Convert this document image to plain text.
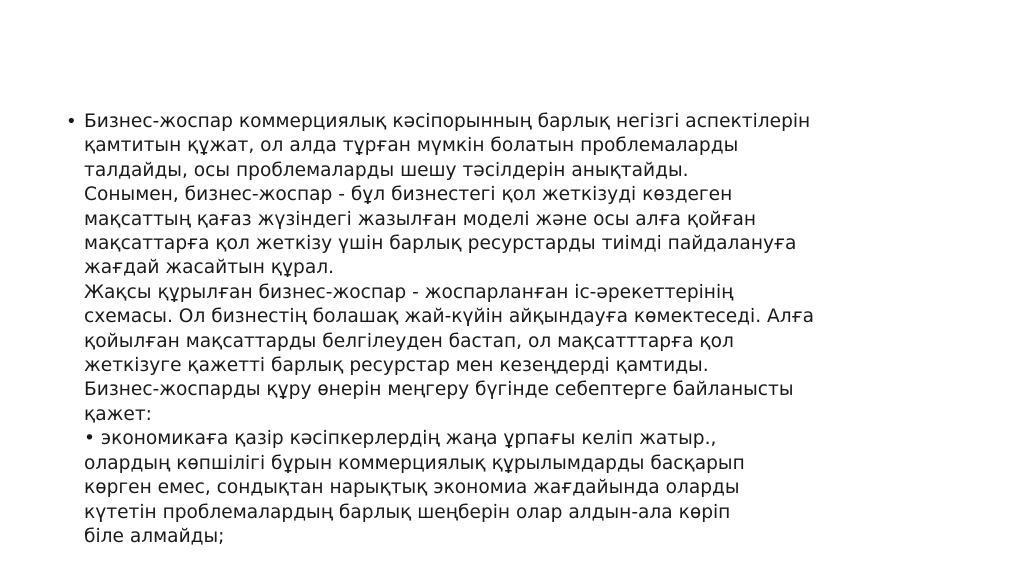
• Бизнес-жоспар коммерциялық кәсіпорынның барлық негізгі аспектілерін
қамтитын құжат, ол алда тұрған мүмкін болатын проблемаларды
талдайды, осы проблемаларды шешу тәсілдерін анықтайды.
Сонымен, бизнес-жоспар - бұл бизнестегі қол жеткізуді көздеген
мақсаттың қағаз жүзіндегі жазылған моделі және осы алға қойған
мақсаттарға қол жеткізу үшін барлық ресурстарды тиімді пайдалануға
жағдай жасайтын құрал.
Жақсы құрылған бизнес-жоспар - жоспарланған іс-әрекеттерінің
схемасы. Ол бизнестің болашақ жай-күйін айқындауға көмектеседі. Алға
қойылған мақсаттарды белгілеуден бастап, ол мақсатттарға қол
жеткізуге қажетті барлық ресурстар мен кезеңдерді қамтиды.
Бизнес-жоспарды құру өнерін меңгеру бүгінде себептерге байланысты
қажет:
• экономикаға қазір кәсіпкерлердің жаңа ұрпағы келіп жатыр.,
олардың көпшілігі бұрын коммерциялық құрылымдарды басқарып
көрген емес, сондықтан нарықтық экономиа жағдайында оларды
күтетін проблемалардың барлық шеңберін олар алдын-ала көріп
біле алмайды;
